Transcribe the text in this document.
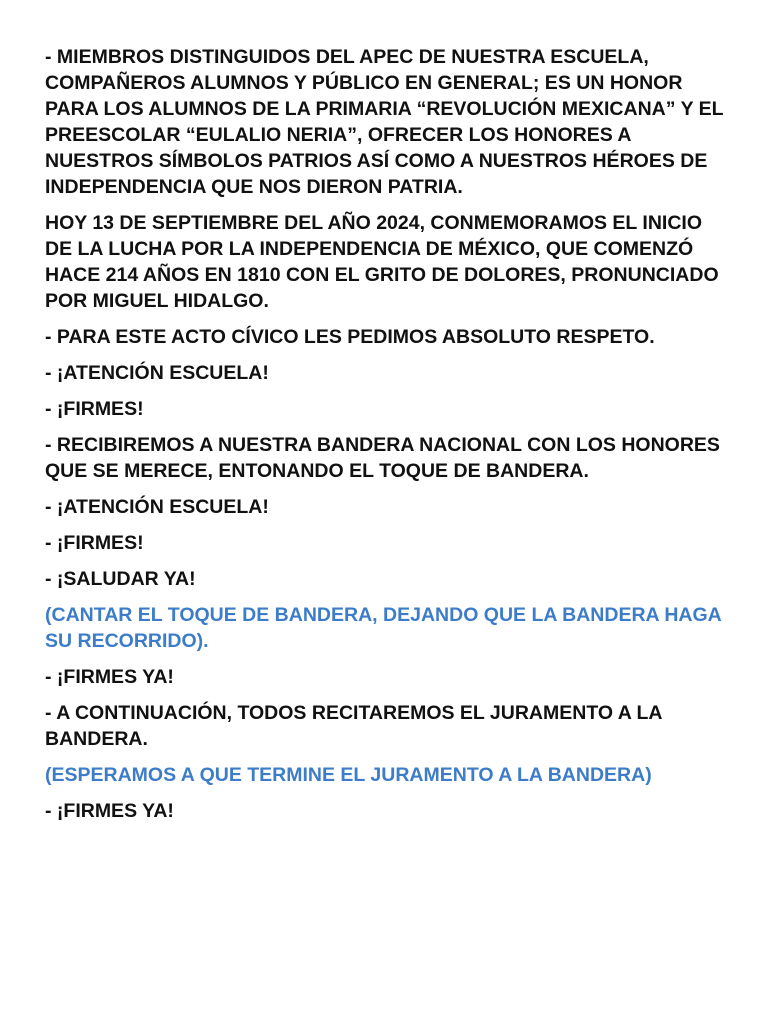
- MIEMBROS DISTINGUIDOS DEL APEC DE NUESTRA ESCUELA, COMPAÑEROS ALUMNOS Y PÚBLICO EN GENERAL; ES UN HONOR PARA LOS ALUMNOS DE LA PRIMARIA “REVOLUCIÓN MEXICANA” Y EL PREESCOLAR “EULALIO NERIA”, OFRECER LOS HONORES A NUESTROS SÍMBOLOS PATRIOS ASÍ COMO A NUESTROS HÉROES DE INDEPENDENCIA QUE NOS DIERON PATRIA.

HOY 13 DE SEPTIEMBRE DEL AÑO 2024, CONMEMORAMOS EL INICIO DE LA LUCHA POR LA INDEPENDENCIA DE MÉXICO, QUE COMENZÓ HACE 214 AÑOS EN 1810 CON EL GRITO DE DOLORES, PRONUNCIADO POR MIGUEL HIDALGO.

- PARA ESTE ACTO CÍVICO LES PEDIMOS ABSOLUTO RESPETO.

- ¡ATENCIÓN ESCUELA!

- ¡FIRMES!

- RECIBIREMOS A NUESTRA BANDERA NACIONAL CON LOS HONORES QUE SE MERECE, ENTONANDO EL TOQUE DE BANDERA.

- ¡ATENCIÓN ESCUELA!

- ¡FIRMES!

- ¡SALUDAR YA!

(CANTAR EL TOQUE DE BANDERA, DEJANDO QUE LA BANDERA HAGA SU RECORRIDO).

- ¡FIRMES YA!

- A CONTINUACIÓN, TODOS RECITAREMOS EL JURAMENTO A LA BANDERA.

(ESPERAMOS A QUE TERMINE EL JURAMENTO A LA BANDERA)

- ¡FIRMES YA!
